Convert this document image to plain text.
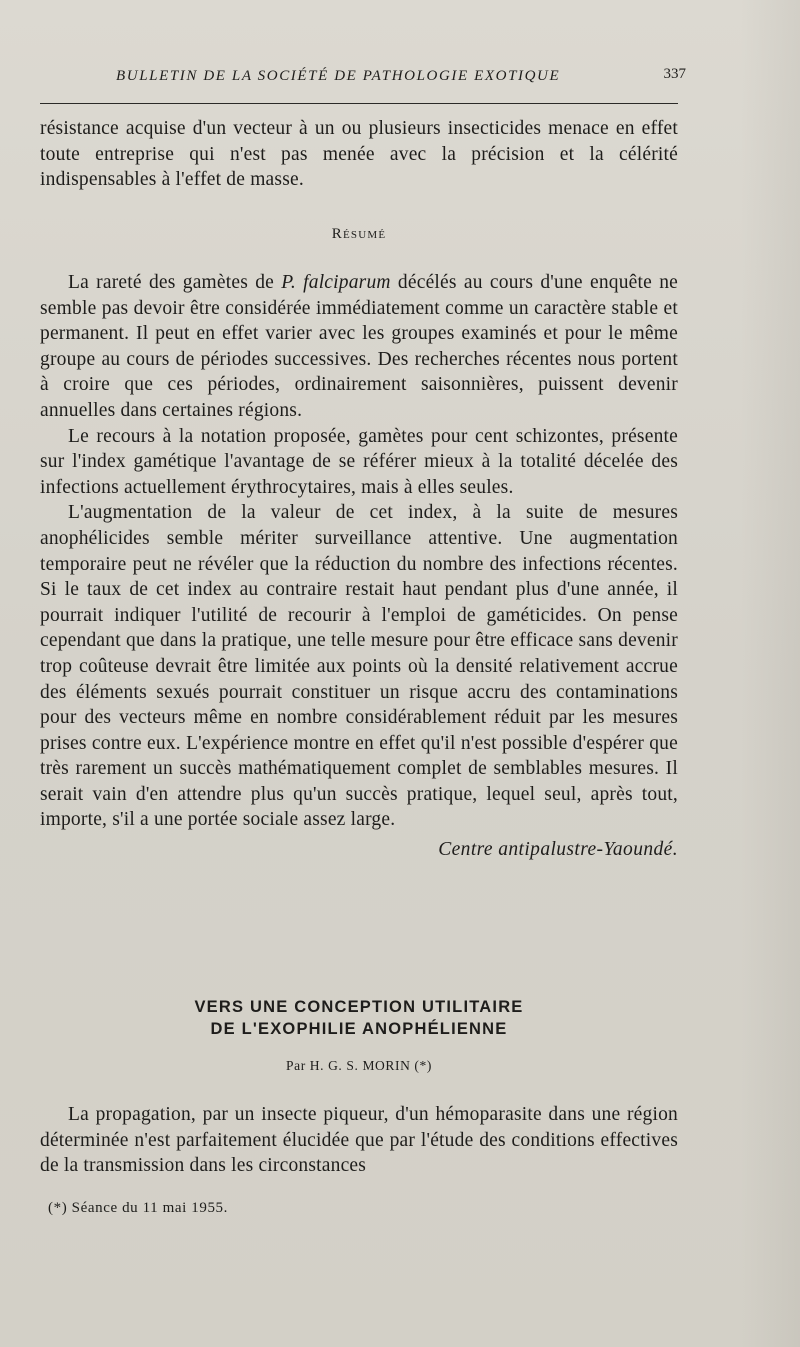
BULLETIN DE LA SOCIÉTÉ DE PATHOLOGIE EXOTIQUE	337

résistance acquise d'un vecteur à un ou plusieurs insecticides menace en effet toute entreprise qui n'est pas menée avec la précision et la célérité indispensables à l'effet de masse.

Résumé

La rareté des gamètes de P. falciparum décélés au cours d'une enquête ne semble pas devoir être considérée immédiatement comme un caractère stable et permanent. Il peut en effet varier avec les groupes examinés et pour le même groupe au cours de périodes successives. Des recherches récentes nous portent à croire que ces périodes, ordinairement saisonnières, puissent devenir annuelles dans certaines régions.

Le recours à la notation proposée, gamètes pour cent schizontes, présente sur l'index gamétique l'avantage de se référer mieux à la totalité décelée des infections actuellement érythrocytaires, mais à elles seules.

L'augmentation de la valeur de cet index, à la suite de mesures anophélicides semble mériter surveillance attentive. Une augmentation temporaire peut ne révéler que la réduction du nombre des infections récentes. Si le taux de cet index au contraire restait haut pendant plus d'une année, il pourrait indiquer l'utilité de recourir à l'emploi de gaméticides. On pense cependant que dans la pratique, une telle mesure pour être efficace sans devenir trop coûteuse devrait être limitée aux points où la densité relativement accrue des éléments sexués pourrait constituer un risque accru des contaminations pour des vecteurs même en nombre considérablement réduit par les mesures prises contre eux. L'expérience montre en effet qu'il n'est possible d'espérer que très rarement un succès mathématiquement complet de semblables mesures. Il serait vain d'en attendre plus qu'un succès pratique, lequel seul, après tout, importe, s'il a une portée sociale assez large.

Centre antipalustre-Yaoundé.

VERS UNE CONCEPTION UTILITAIRE
DE L'EXOPHILIE ANOPHÉLIENNE
Par H. G. S. MORIN (*)

La propagation, par un insecte piqueur, d'un hémoparasite dans une région déterminée n'est parfaitement élucidée que par l'étude des conditions effectives de la transmission dans les circonstances

(*) Séance du 11 mai 1955.
